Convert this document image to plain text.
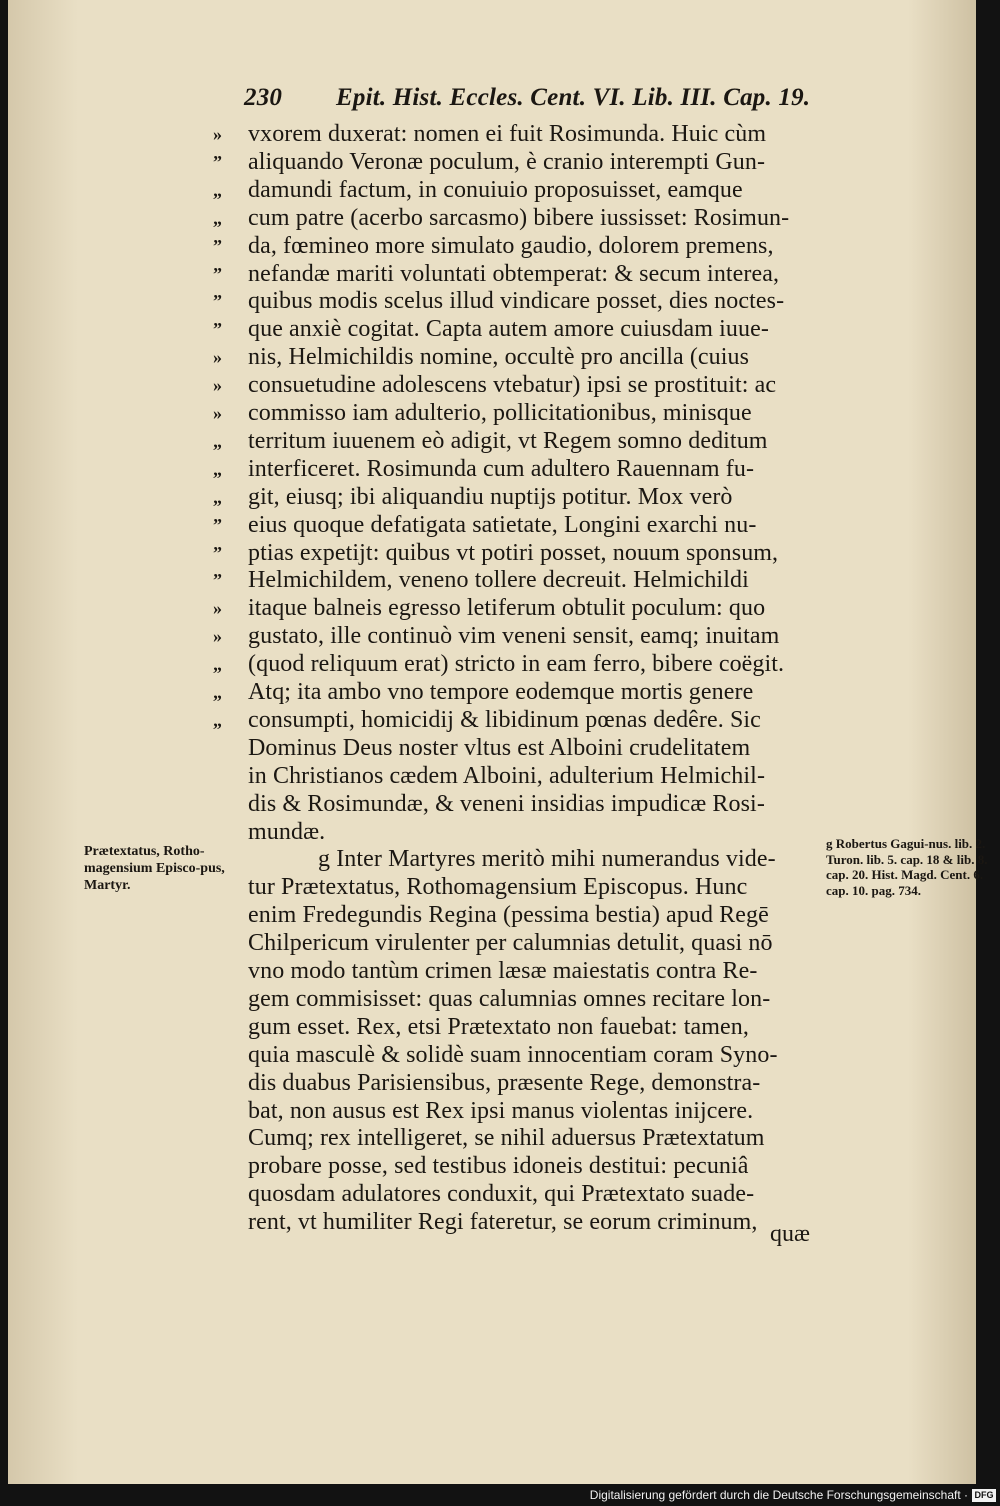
230 Epit. Hist. Eccles. Cent. VI. Lib. III. Cap. 19.
»	vxorem duxerat: nomen ei fuit Rosimunda. Huic cùm
”	aliquando Veronæ poculum, è cranio interempti Gun-
„	damundi factum, in conuiuio proposuisset, eamque
„	cum patre (acerbo sarcasmo) bibere iussisset: Rosimun-
”	da, fœmineo more simulato gaudio, dolorem premens,
”	nefandæ mariti voluntati obtemperat: & secum interea,
”	quibus modis scelus illud vindicare posset, dies noctes-
”	que anxiè cogitat. Capta autem amore cuiusdam iuue-
»	nis, Helmichildis nomine, occultè pro ancilla (cuius
»	consuetudine adolescens vtebatur) ipsi se prostituit: ac
»	commisso iam adulterio, pollicitationibus, minisque
„	territum iuuenem eò adigit, vt Regem somno deditum
„	interficeret. Rosimunda cum adultero Rauennam fu-
„	git, eiusq; ibi aliquandiu nuptijs potitur. Mox verò
”	eius quoque defatigata satietate, Longini exarchi nu-
”	ptias expetijt: quibus vt potiri posset, nouum sponsum,
”	Helmichildem, veneno tollere decreuit. Helmichildi
»	itaque balneis egresso letiferum obtulit poculum: quo
»	gustato, ille continuò vim veneni sensit, eamq; inuitam
„	(quod reliquum erat) stricto in eam ferro, bibere coëgit.
„	Atq; ita ambo vno tempore eodemque mortis genere
„	consumpti, homicidij & libidinum pœnas dedêre. Sic
Dominus Deus noster vltus est Alboini crudelitatem
in Christianos cædem Alboini, adulterium Helmichil-
dis & Rosimundæ, & veneni insidias impudicæ Rosi-
mundæ.
g Inter Martyres meritò mihi numerandus vide-
tur Prætextatus, Rothomagensium Episcopus. Hunc
enim Fredegundis Regina (pessima bestia) apud Regē
Chilpericum virulenter per calumnias detulit, quasi nō
vno modo tantùm crimen læsæ maiestatis contra Re-
gem commisisset: quas calumnias omnes recitare lon-
gum esset. Rex, etsi Prætextato non fauebat: tamen,
quia masculè & solidè suam innocentiam coram Syno-
dis duabus Parisiensibus, præsente Rege, demonstra-
bat, non ausus est Rex ipsi manus violentas inijcere.
Cumq; rex intelligeret, se nihil aduersus Prætextatum
probare posse, sed testibus idoneis destitui: pecuniâ
quosdam adulatores conduxit, qui Prætextato suade-
rent, vt humiliter Regi fateretur, se eorum criminum,
Prætextatus, Rotho-magensium Episco-pus, Martyr.
g Robertus Gagui-nus. lib. 2. Turon. lib. 5. cap. 18 & lib. 8. cap. 20. Hist. Magd. Cent. 6. cap. 10. pag. 734.
quæ
Digitalisierung gefördert durch die Deutsche Forschungsgemeinschaft · DFG
